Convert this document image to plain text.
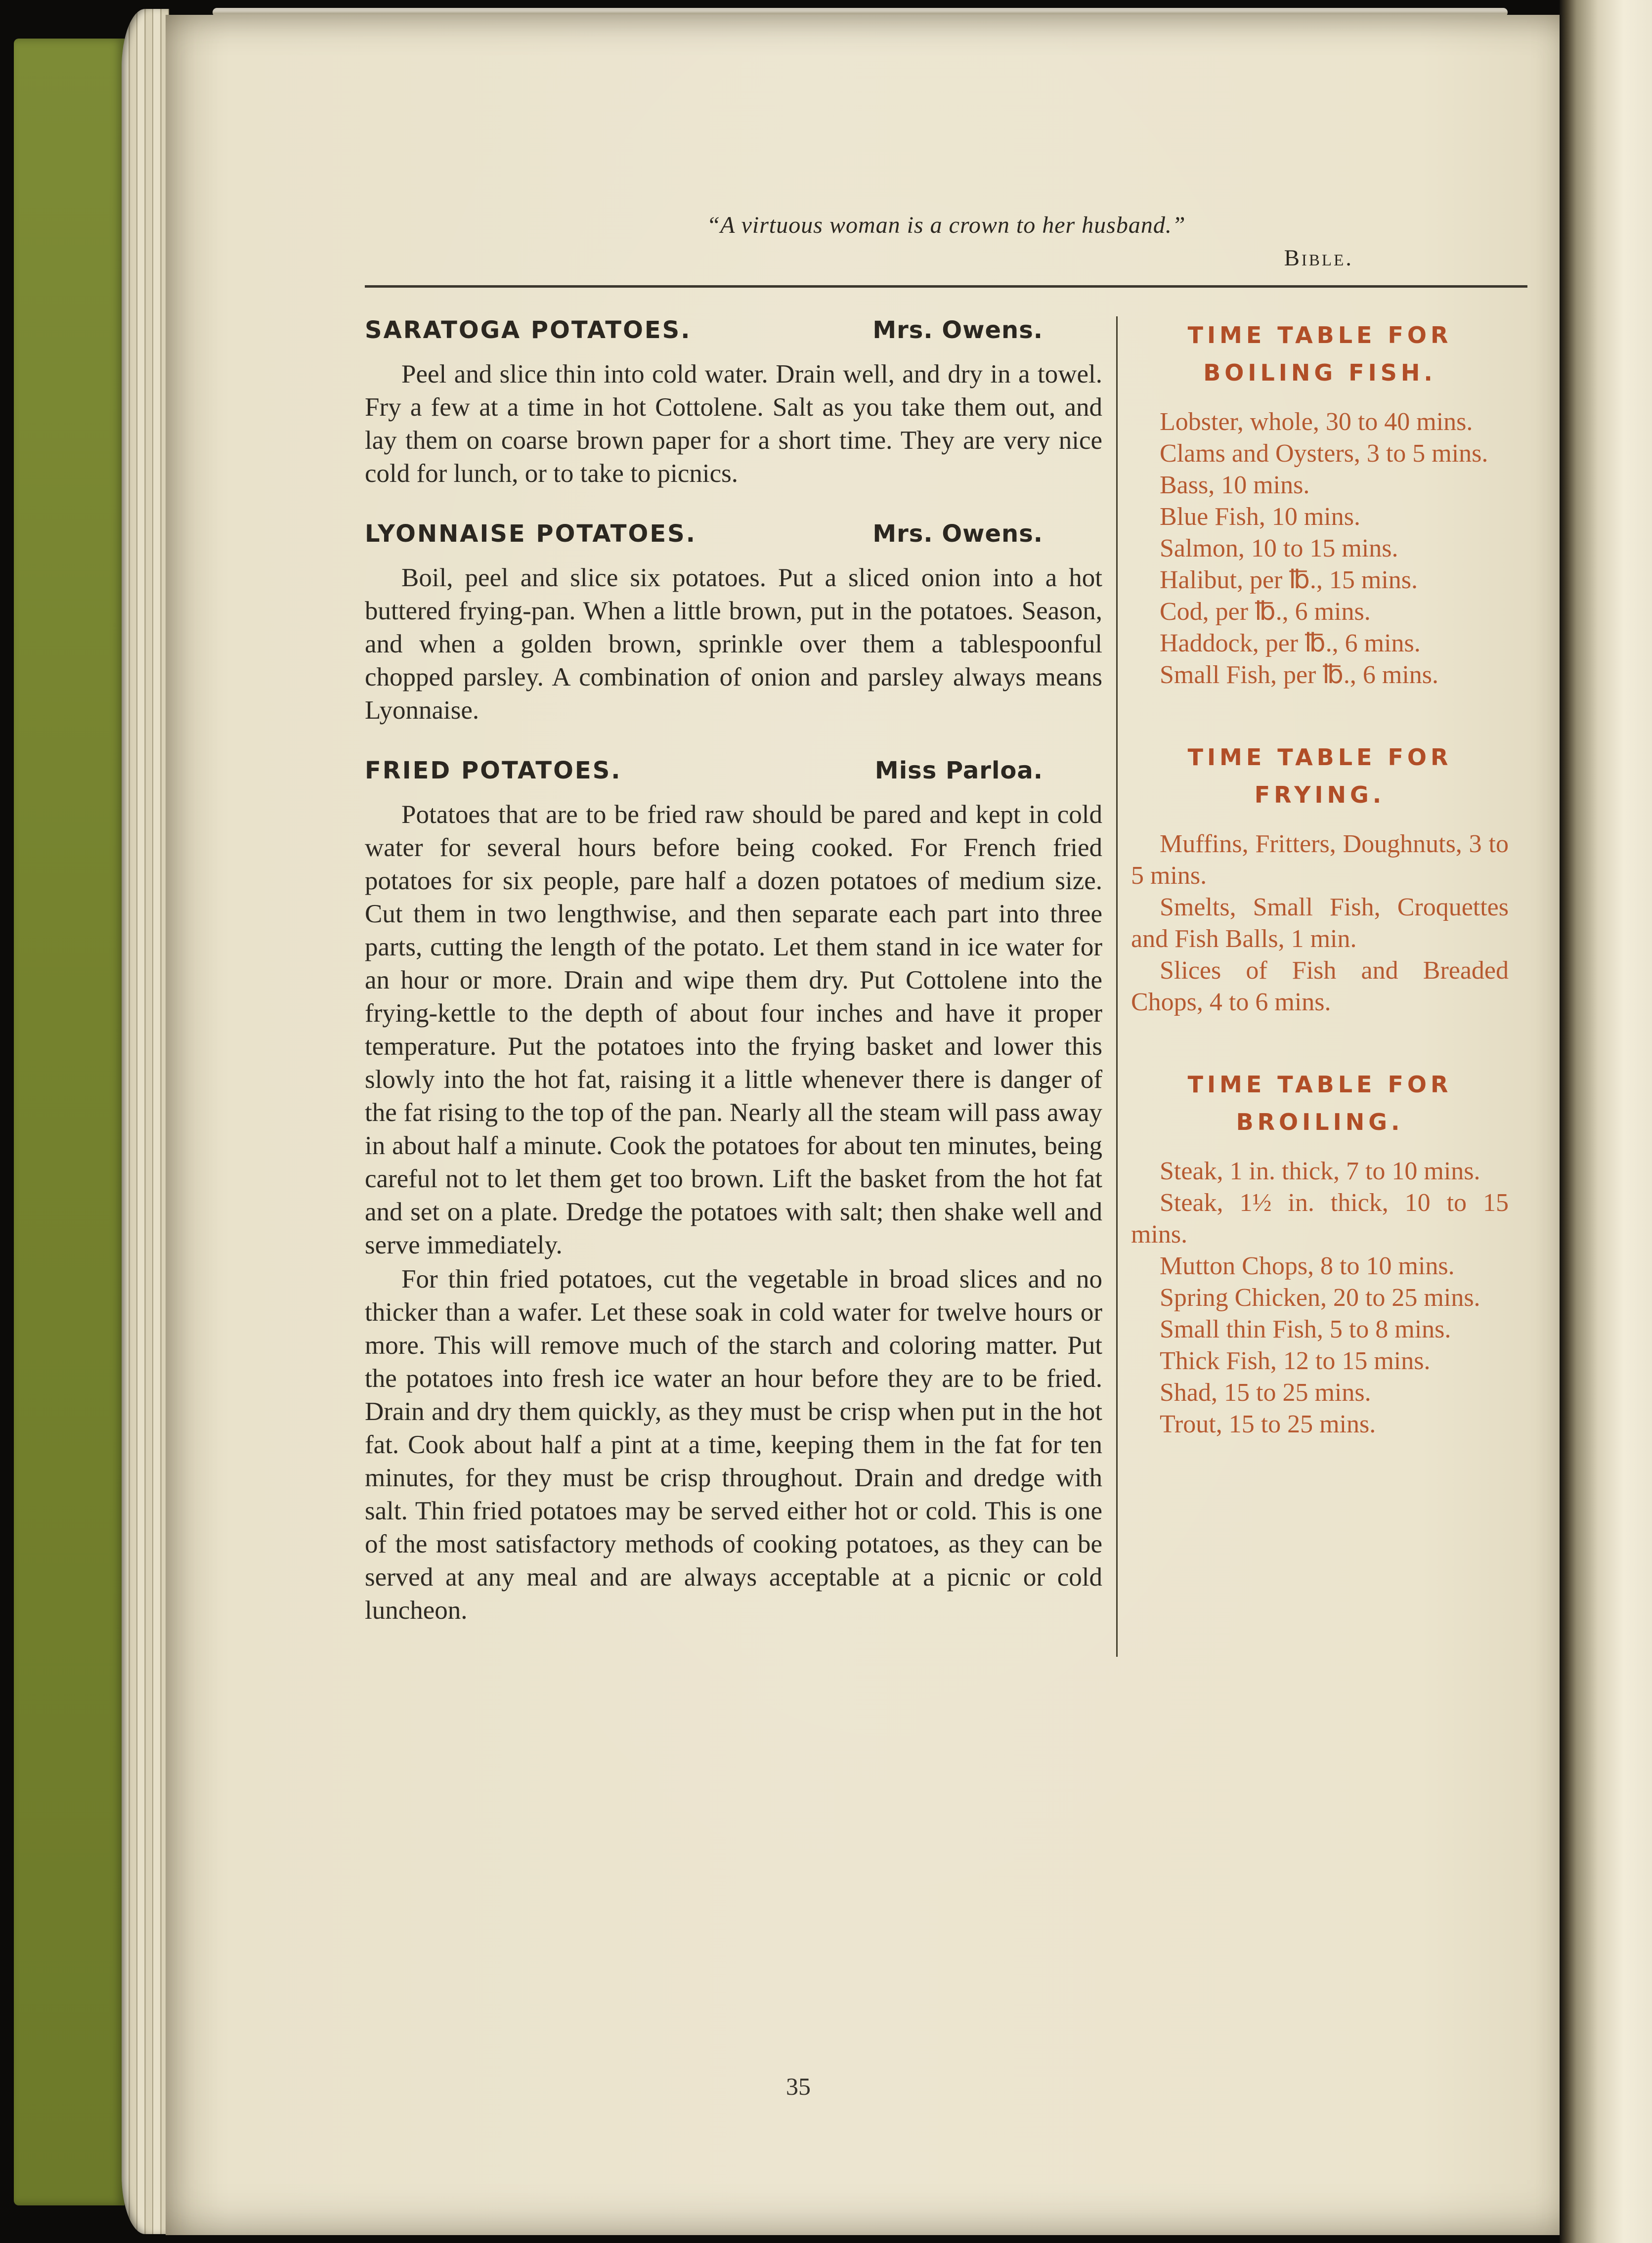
“A virtuous woman is a crown to her husband.”
Bible.
SARATOGA POTATOES.	Mrs. Owens.

Peel and slice thin into cold water. Drain well, and dry in a towel. Fry a few at a time in hot Cottolene. Salt as you take them out, and lay them on coarse brown paper for a short time. They are very nice cold for lunch, or to take to picnics.

LYONNAISE POTATOES.	Mrs. Owens.

Boil, peel and slice six potatoes. Put a sliced onion into a hot buttered frying-pan. When a little brown, put in the potatoes. Season, and when a golden brown, sprinkle over them a tablespoonful chopped parsley. A combination of onion and parsley always means Lyonnaise.

FRIED POTATOES.	Miss Parloa.

Potatoes that are to be fried raw should be pared and kept in cold water for several hours before being cooked. For French fried potatoes for six people, pare half a dozen potatoes of medium size. Cut them in two lengthwise, and then separate each part into three parts, cutting the length of the potato. Let them stand in ice water for an hour or more. Drain and wipe them dry. Put Cottolene into the frying-kettle to the depth of about four inches and have it proper temperature. Put the potatoes into the frying basket and lower this slowly into the hot fat, raising it a little whenever there is danger of the fat rising to the top of the pan. Nearly all the steam will pass away in about half a minute. Cook the potatoes for about ten minutes, being careful not to let them get too brown. Lift the basket from the hot fat and set on a plate. Dredge the potatoes with salt; then shake well and serve immediately.

For thin fried potatoes, cut the vegetable in broad slices and no thicker than a wafer. Let these soak in cold water for twelve hours or more. This will remove much of the starch and coloring matter. Put the potatoes into fresh ice water an hour before they are to be fried. Drain and dry them quickly, as they must be crisp when put in the hot fat. Cook about half a pint at a time, keeping them in the fat for ten minutes, for they must be crisp throughout. Drain and dredge with salt. Thin fried potatoes may be served either hot or cold. This is one of the most satisfactory methods of cooking potatoes, as they can be served at any meal and are always acceptable at a picnic or cold luncheon.

TIME TABLE FOR
BOILING FISH.

Lobster, whole, 30 to 40 mins.

Clams and Oysters, 3 to 5 mins.

Bass, 10 mins.

Blue Fish, 10 mins.

Salmon, 10 to 15 mins.

Halibut, per ℔., 15 mins.

Cod, per ℔., 6 mins.

Haddock, per ℔., 6 mins.

Small Fish, per ℔., 6 mins.

TIME TABLE FOR
FRYING.

Muffins, Fritters, Doughnuts, 3 to 5 mins.

Smelts, Small Fish, Croquettes and Fish Balls, 1 min.

Slices of Fish and Breaded Chops, 4 to 6 mins.

TIME TABLE FOR
BROILING.

Steak, 1 in. thick, 7 to 10 mins.

Steak, 1½ in. thick, 10 to 15 mins.

Mutton Chops, 8 to 10 mins.

Spring Chicken, 20 to 25 mins.

Small thin Fish, 5 to 8 mins.

Thick Fish, 12 to 15 mins.

Shad, 15 to 25 mins.

Trout, 15 to 25 mins.

35
